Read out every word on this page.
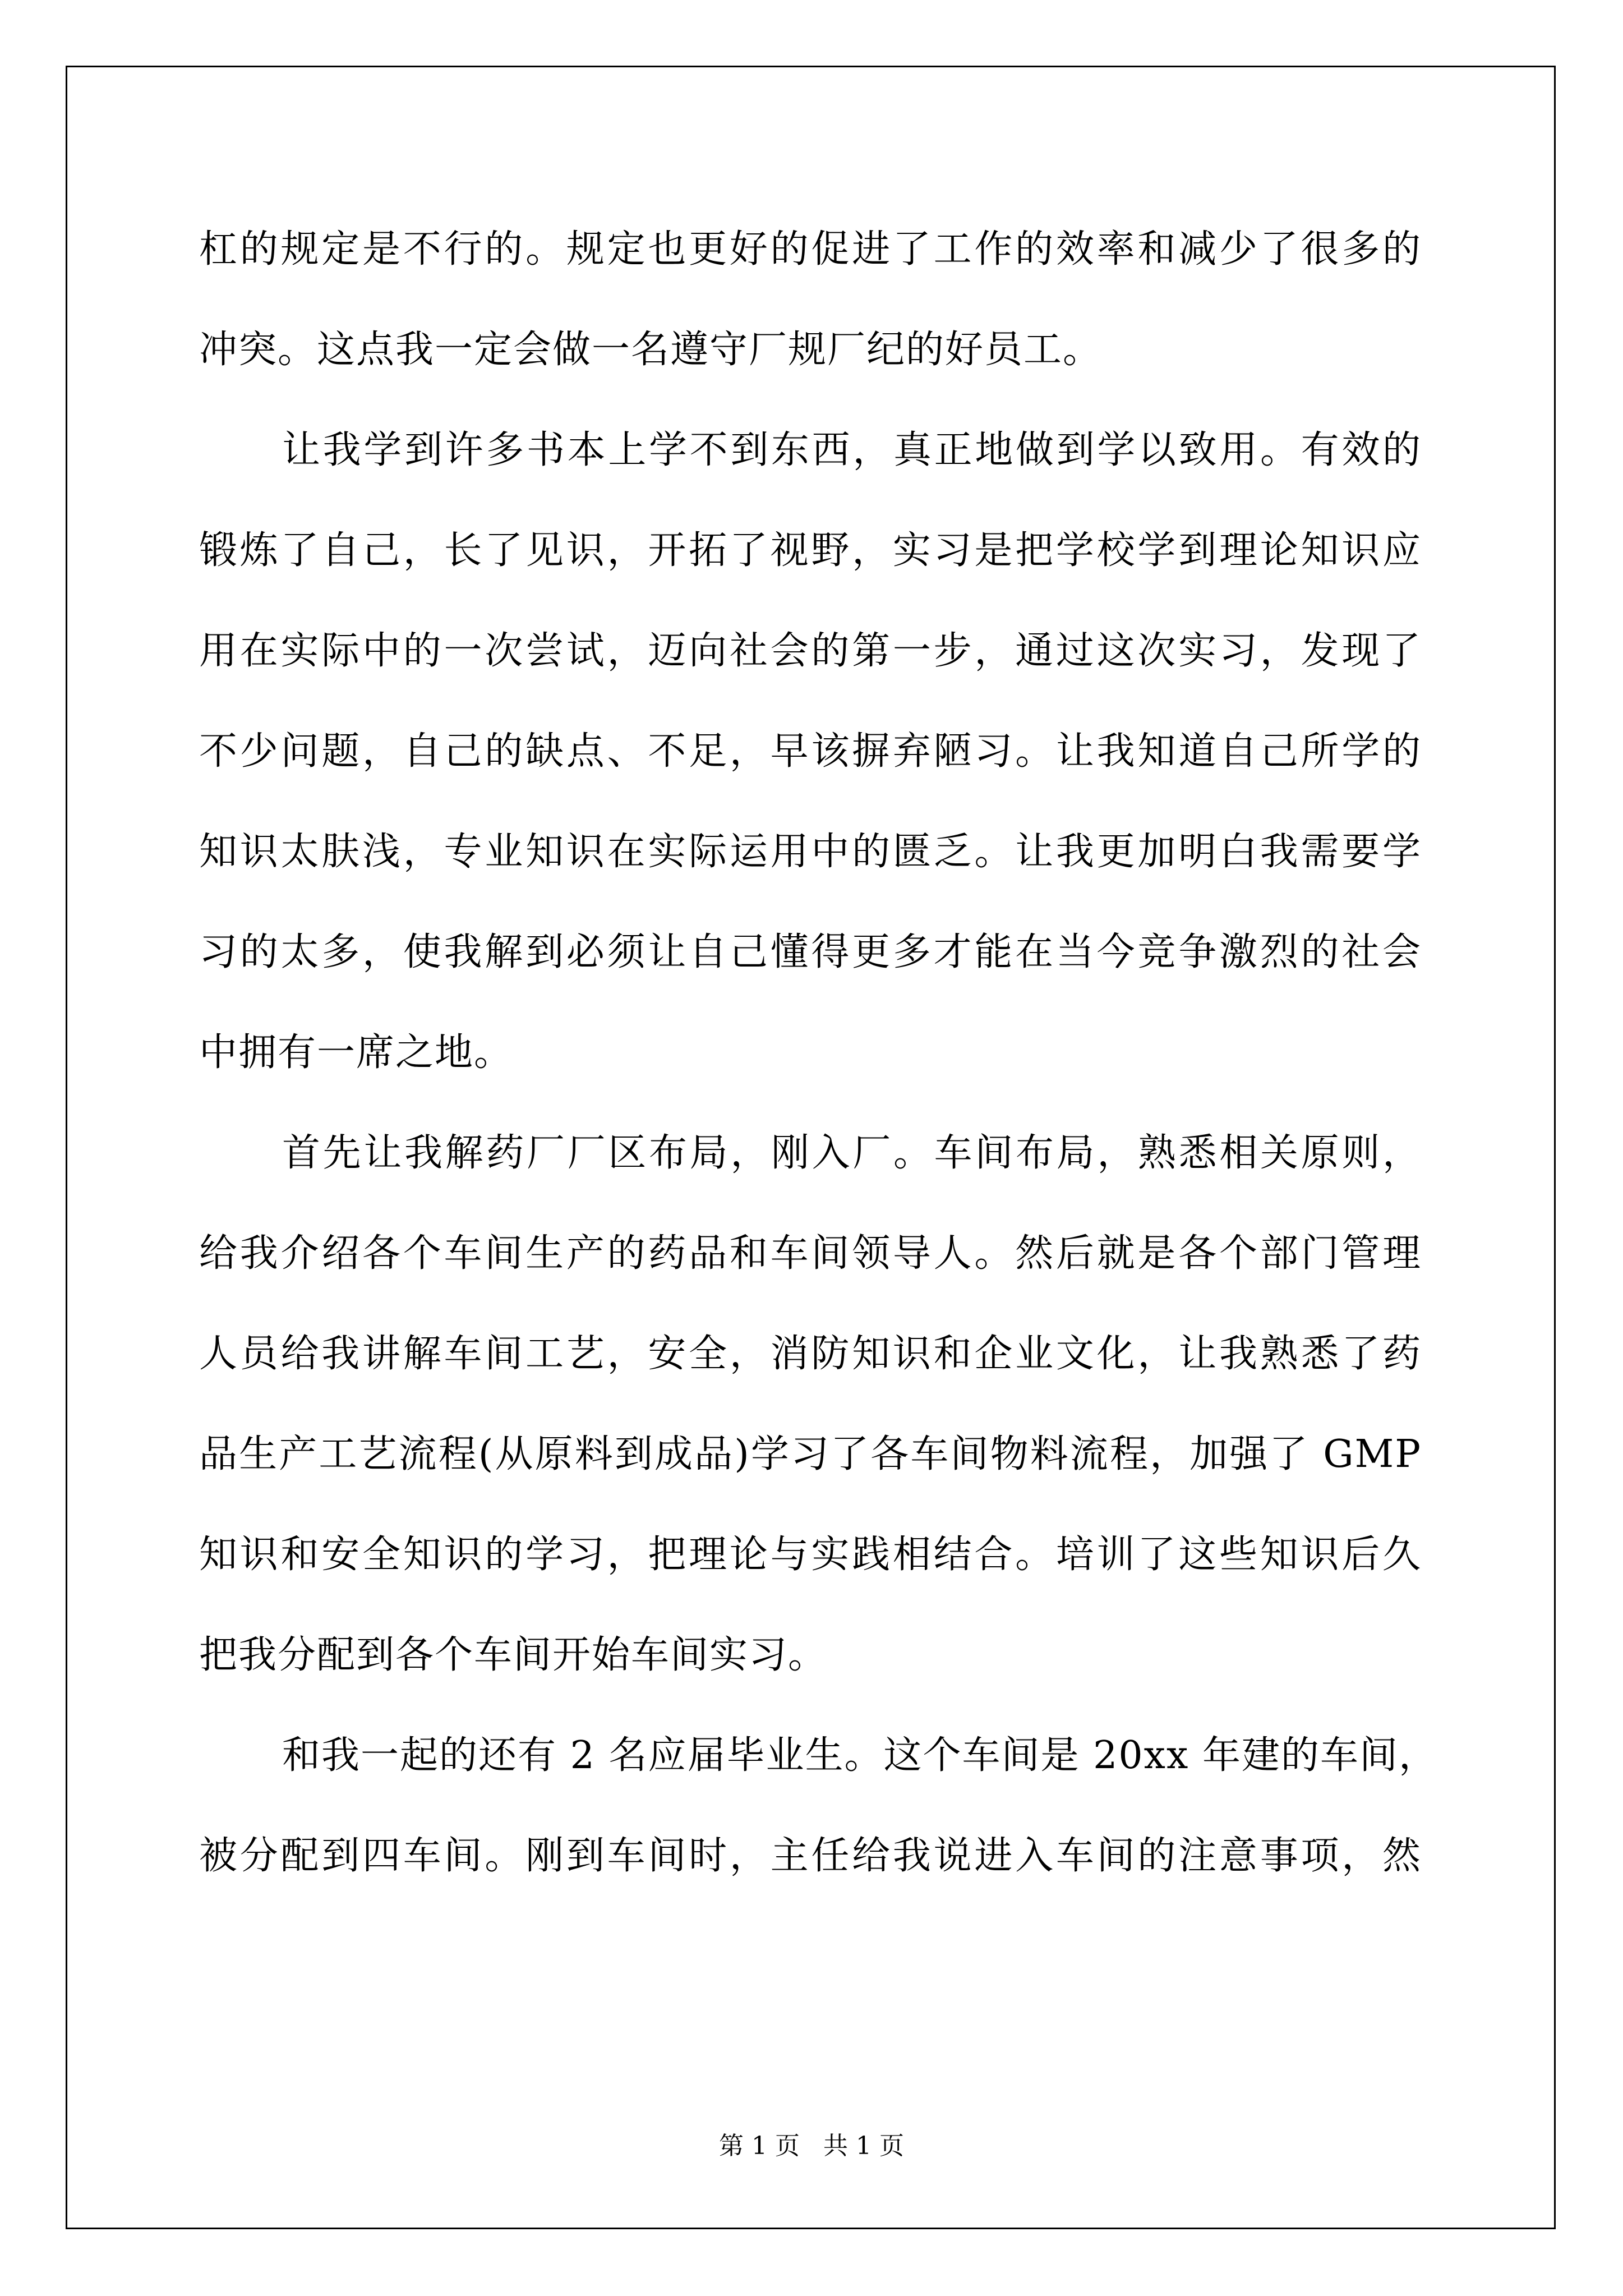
杠的规定是不行的。规定也更好的促进了工作的效率和减少了很多的
冲突。这点我一定会做一名遵守厂规厂纪的好员工。
让我学到许多书本上学不到东西，真正地做到学以致用。有效的
锻炼了自己，长了见识，开拓了视野，实习是把学校学到理论知识应
用在实际中的一次尝试，迈向社会的第一步，通过这次实习，发现了
不少问题，自己的缺点、不足，早该摒弃陋习。让我知道自己所学的
知识太肤浅，专业知识在实际运用中的匮乏。让我更加明白我需要学
习的太多，使我解到必须让自己懂得更多才能在当今竞争激烈的社会
中拥有一席之地。
首先让我解药厂厂区布局，刚入厂。车间布局，熟悉相关原则，
给我介绍各个车间生产的药品和车间领导人。然后就是各个部门管理
人员给我讲解车间工艺，安全，消防知识和企业文化，让我熟悉了药
品生产工艺流程(从原料到成品)学习了各车间物料流程，加强了 GMP
知识和安全知识的学习，把理论与实践相结合。培训了这些知识后久
把我分配到各个车间开始车间实习。
和我一起的还有 2 名应届毕业生。这个车间是 20xx 年建的车间，
被分配到四车间。刚到车间时，主任给我说进入车间的注意事项，然
第 1 页   共 1 页
